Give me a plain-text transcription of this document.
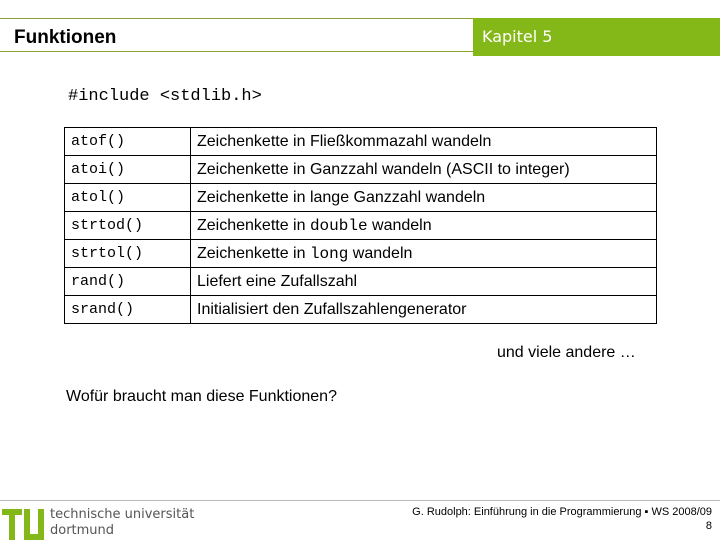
Funktionen	Kapitel 5
#include <stdlib.h>
atof()	Zeichenkette in Fließkommazahl wandeln
atoi()	Zeichenkette in Ganzzahl wandeln (ASCII to integer)
atol()	Zeichenkette in lange Ganzzahl wandeln
strtod()	Zeichenkette in double wandeln
strtol()	Zeichenkette in long wandeln
rand()	Liefert eine Zufallszahl
srand()	Initialisiert den Zufallszahlengenerator
und viele andere …
Wofür braucht man diese Funktionen?
technische universität
dortmund
G. Rudolph: Einführung in die Programmierung ▪ WS 2008/09
8
